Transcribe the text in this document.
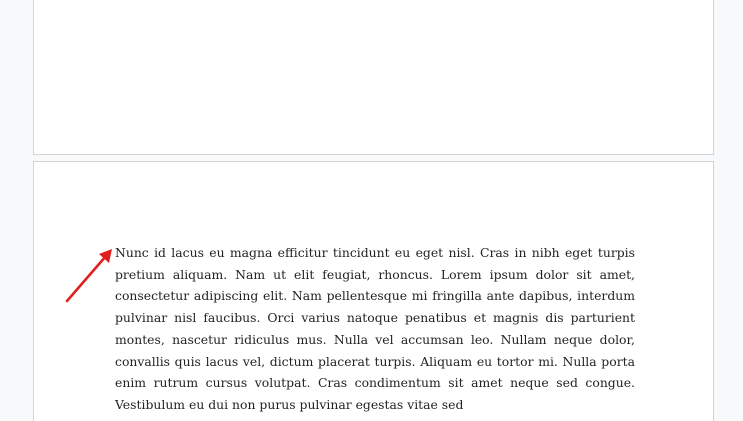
Nunc id lacus eu magna efficitur tincidunt eu eget nisl. Cras in nibh eget turpis pretium aliquam. Nam ut elit feugiat, rhoncus. Lorem ipsum dolor sit amet, consectetur adipiscing elit. Nam pellentesque mi fringilla ante dapibus, interdum pulvinar nisl faucibus. Orci varius natoque penatibus et magnis dis parturient montes, nascetur ridiculus mus. Nulla vel accumsan leo. Nullam neque dolor, convallis quis lacus vel, dictum placerat turpis. Aliquam eu tortor mi. Nulla porta enim rutrum cursus volutpat. Cras condimentum sit amet neque sed congue. Vestibulum eu dui non purus pulvinar egestas vitae sed
